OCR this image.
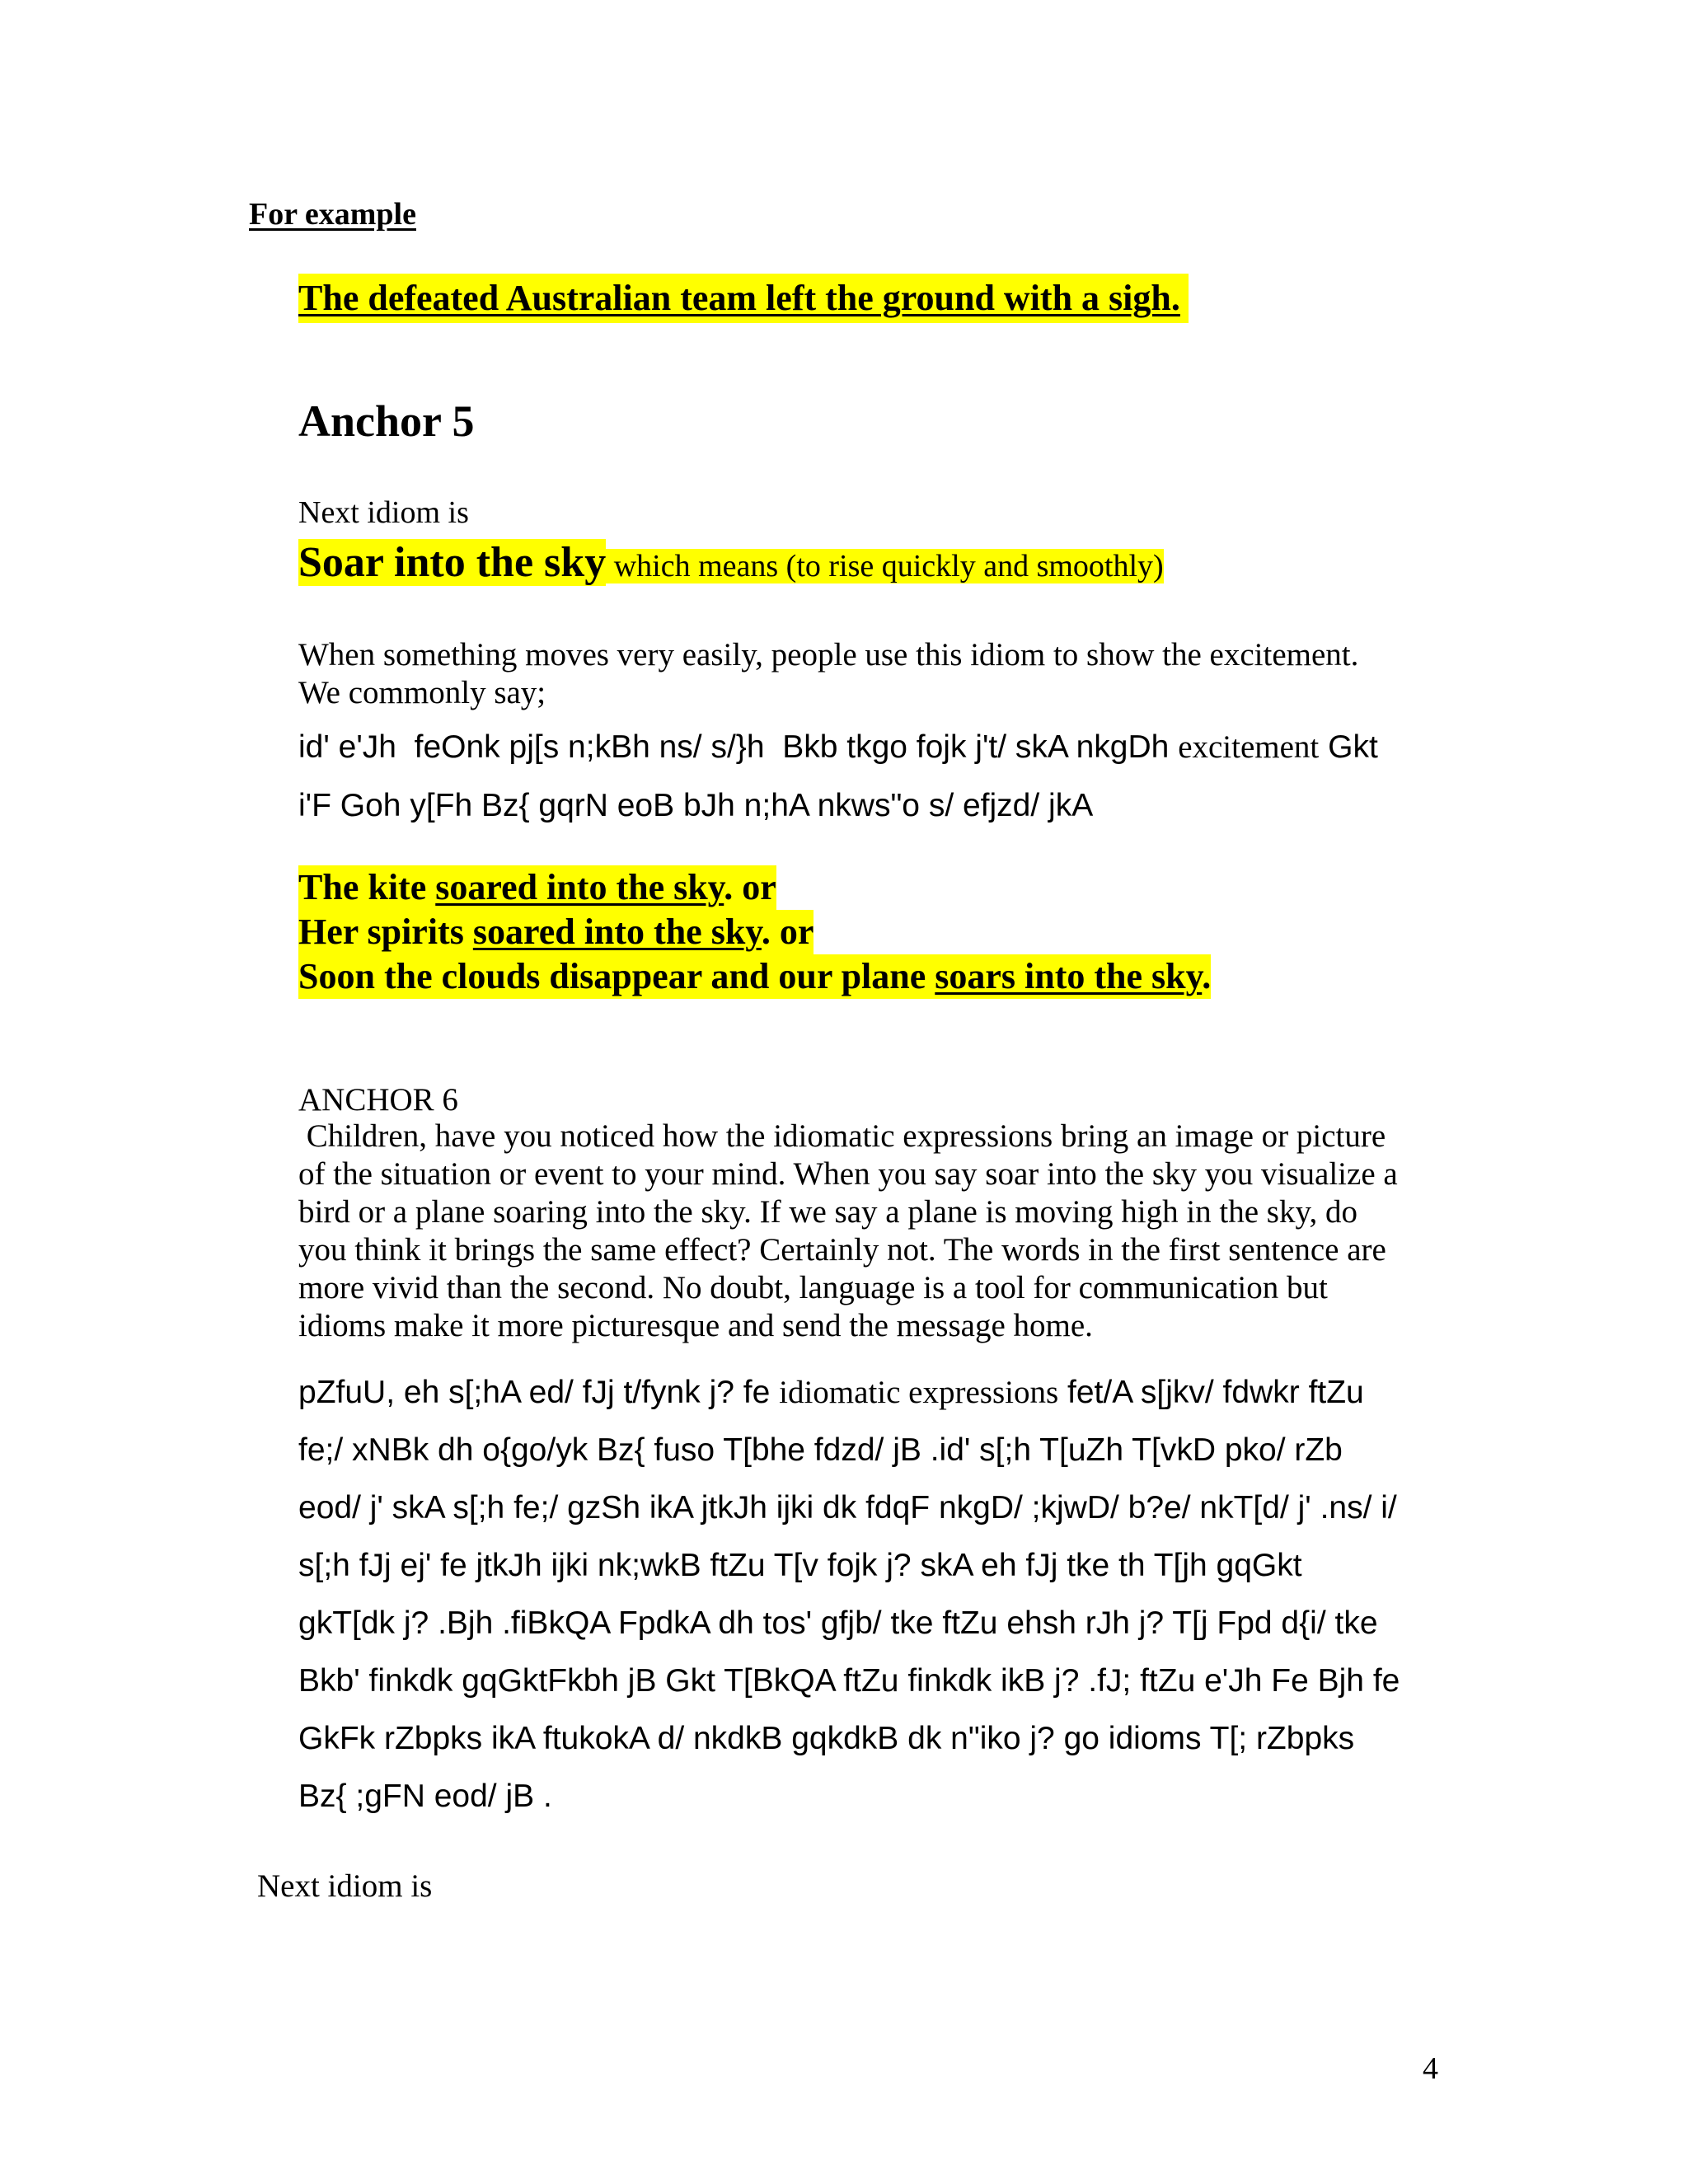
For example
The defeated Australian team left the ground with a sigh.
Anchor 5
Next idiom is
Soar into the sky which means (to rise quickly and smoothly)
When something moves very easily, people use this idiom to show the excitement.
We commonly say;
id' e'Jh  feOnk pj[s n;kBh ns/ s/}h  Bkb tkgo fojk j't/ skA nkgDh excitement Gkt
i'F Goh y[Fh Bz{ gqrN eoB bJh n;hA nkws"o s/ efjzd/ jkA
The kite soared into the sky. or
Her spirits soared into the sky. or
Soon the clouds disappear and our plane soars into the sky.
ANCHOR 6
Children, have you noticed how the idiomatic expressions bring an image or picture
of the situation or event to your mind. When you say soar into the sky you visualize a
bird or a plane soaring into the sky. If we say a plane is moving high in the sky, do
you think it brings the same effect? Certainly not. The words in the first sentence are
more vivid than the second. No doubt, language is a tool for communication but
idioms make it more picturesque and send the message home.
pZfuU, eh s[;hA ed/ fJj t/fynk j? fe idiomatic expressions fet/A s[jkv/ fdwkr ftZu
fe;/ xNBk dh o{go/yk Bz{ fuso T[bhe fdzd/ jB .id' s[;h T[uZh T[vkD pko/ rZb
eod/ j' skA s[;h fe;/ gzSh ikA jtkJh ijki dk fdqF nkgD/ ;kjwD/ b?e/ nkT[d/ j' .ns/ i/
s[;h fJj ej' fe jtkJh ijki nk;wkB ftZu T[v fojk j? skA eh fJj tke th T[jh gqGkt
gkT[dk j? .Bjh .fiBkQA FpdkA dh tos' gfjb/ tke ftZu ehsh rJh j? T[j Fpd d{i/ tke
Bkb' finkdk gqGktFkbh jB Gkt T[BkQA ftZu finkdk ikB j? .fJ; ftZu e'Jh Fe Bjh fe
GkFk rZbpks ikA ftukokA d/ nkdkB gqkdkB dk n"iko j? go idioms T[; rZbpks
Bz{ ;gFN eod/ jB .
Next idiom is
4
